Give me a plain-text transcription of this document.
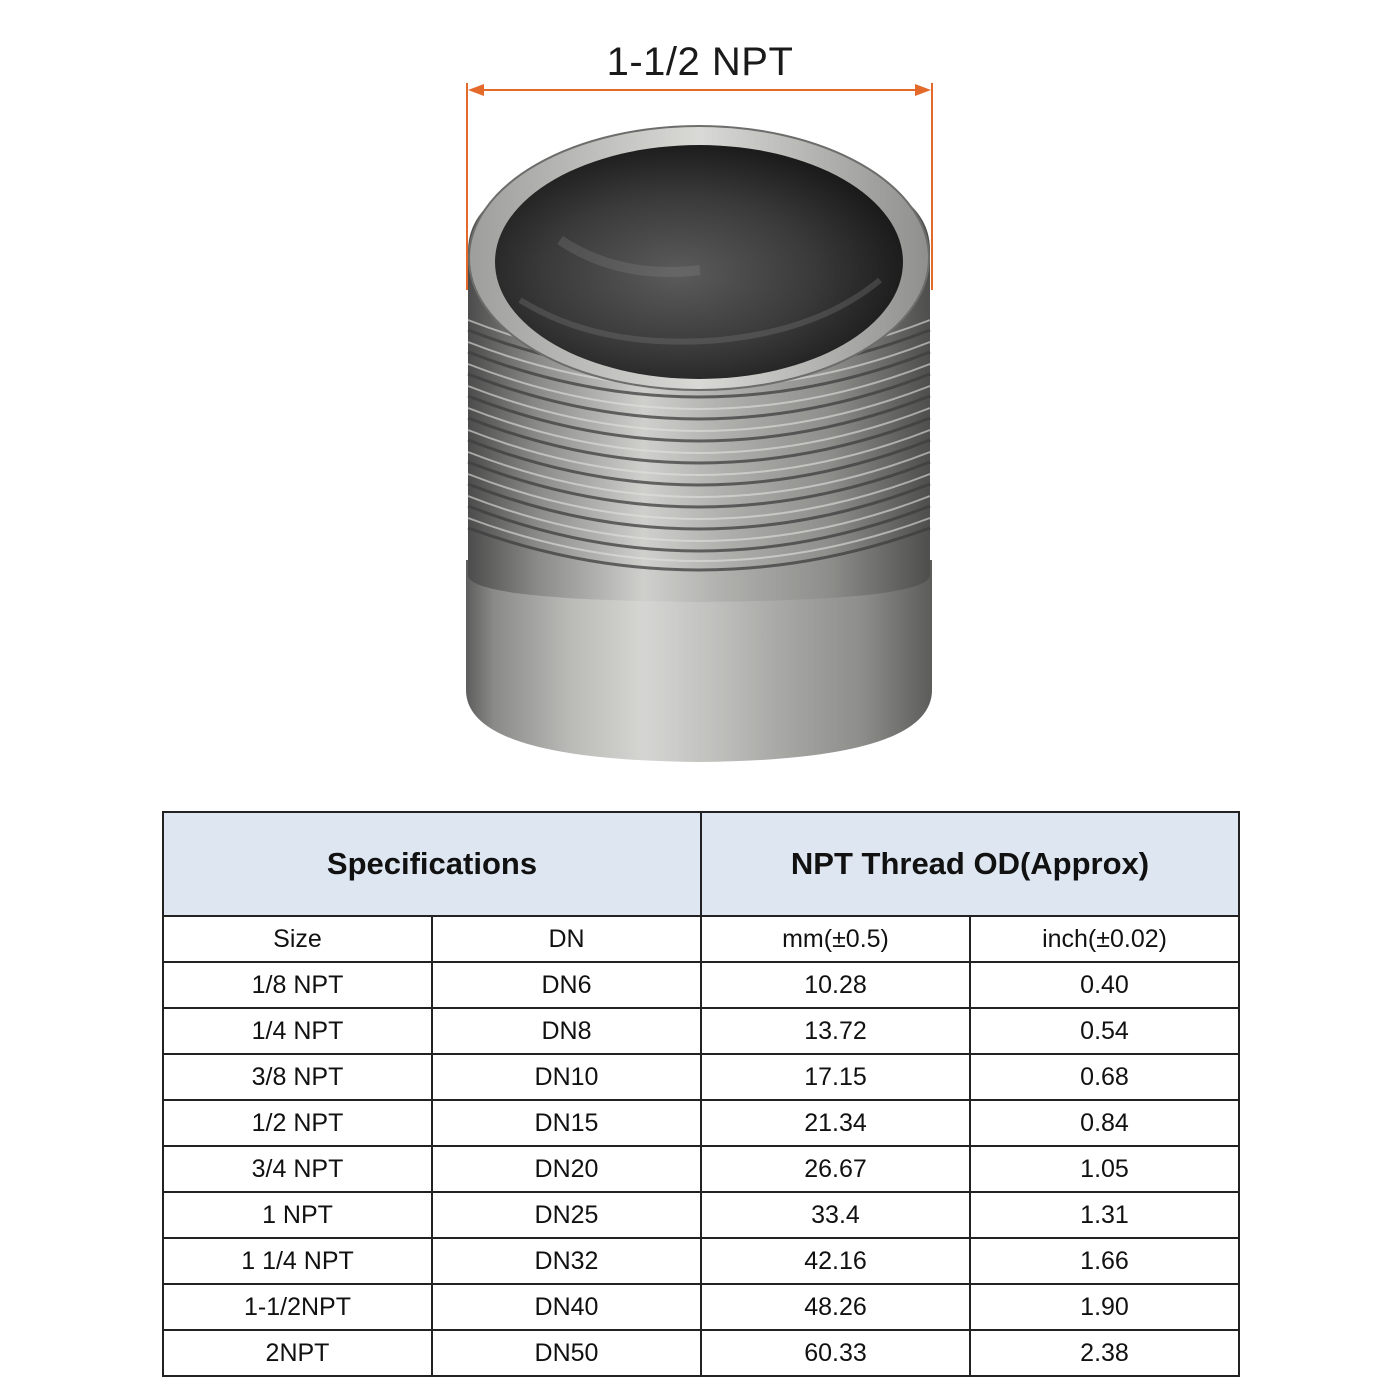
1-1/2 NPT
Specifications		NPT Thread OD(Approx)	
Size	DN	mm(±0.5)	inch(±0.02)
1/8 NPT	DN6	10.28	0.40
1/4 NPT	DN8	13.72	0.54
3/8 NPT	DN10	17.15	0.68
1/2 NPT	DN15	21.34	0.84
3/4 NPT	DN20	26.67	1.05
1 NPT	DN25	33.4	1.31
1 1/4 NPT	DN32	42.16	1.66
1-1/2NPT	DN40	48.26	1.90
2NPT	DN50	60.33	2.38
